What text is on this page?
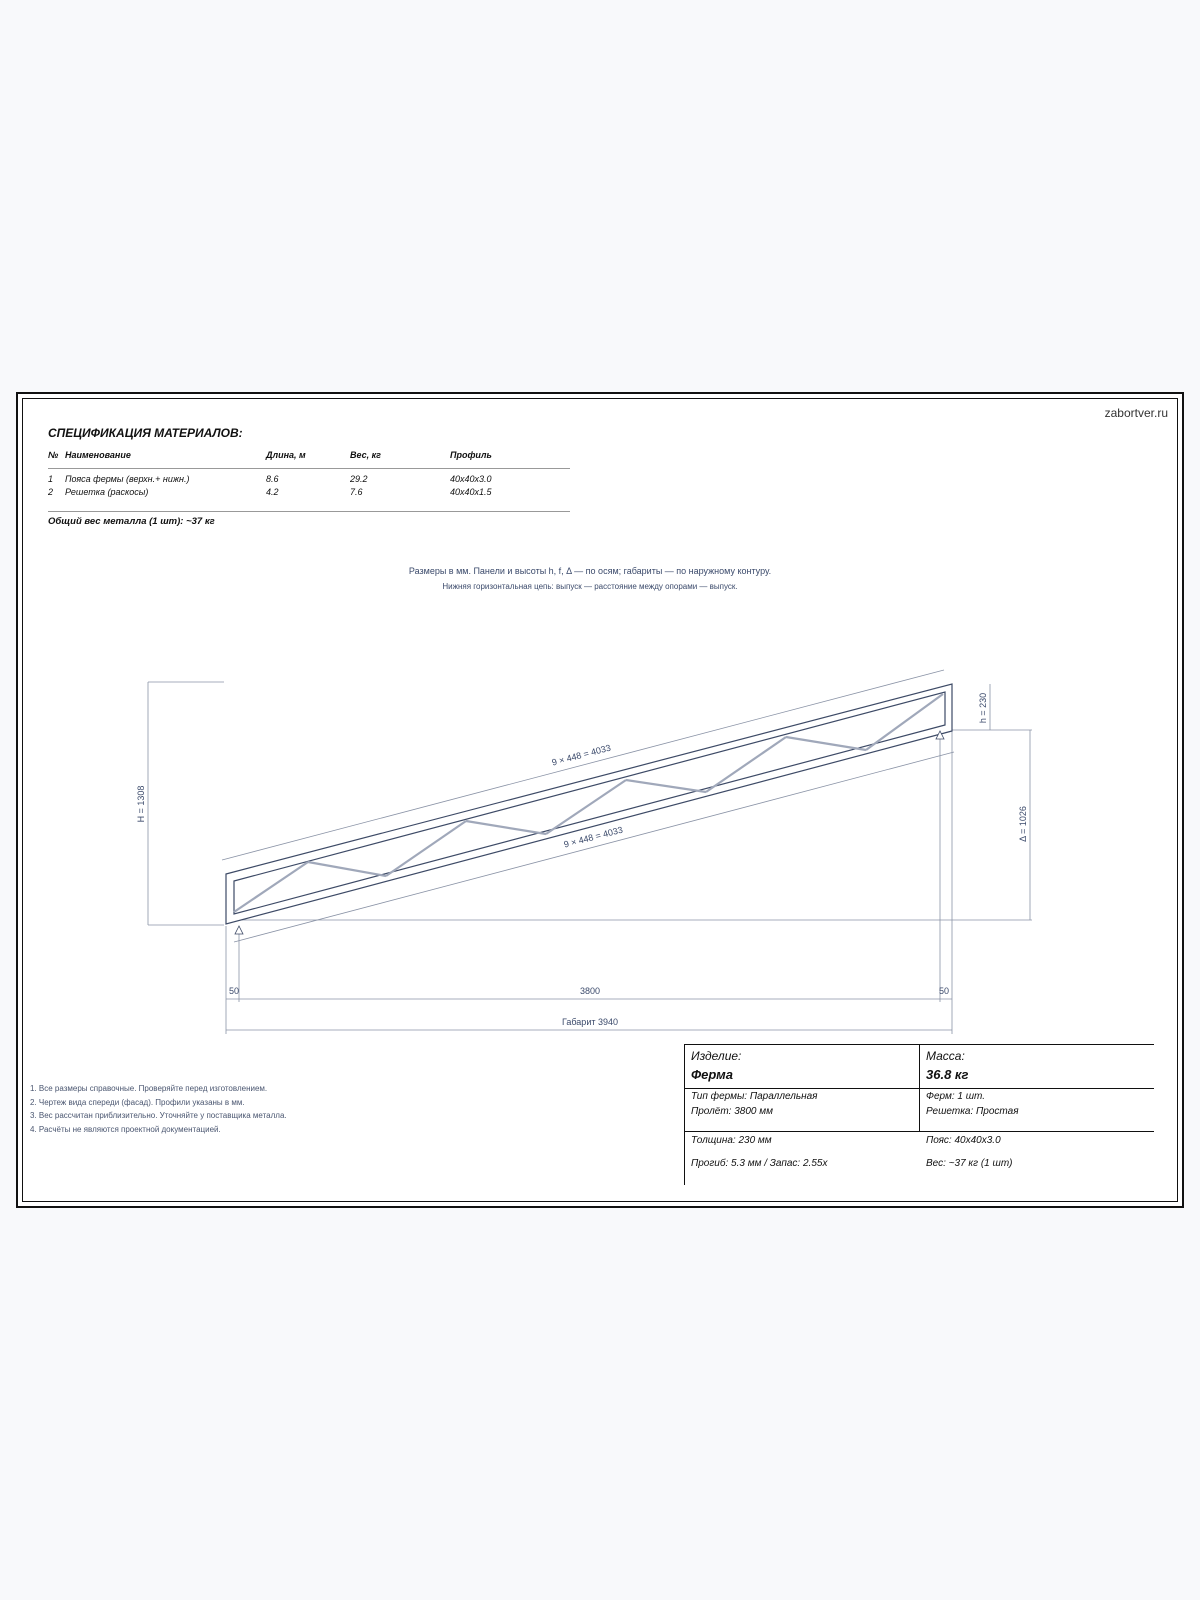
zabortver.ru
СПЕЦИФИКАЦИЯ МАТЕРИАЛОВ:
№ Наименование	Длина, м	Вес, кг	Профиль
1 Пояса фермы (верхн.+ нижн.)	8.6	29.2	40x40x3.0
2 Решетка (раскосы)	4.2	7.6	40x40x1.5
Общий вес металла (1 шт): ~37 кг
Размеры в мм. Панели и высоты h, f, Δ — по осям; габариты — по наружному контуру.
Нижняя горизонтальная цепь: выпуск — расстояние между опорами — выпуск.
9 × 448 = 4033
9 × 448 = 4033
H = 1308
h = 230
Δ = 1026
50	3800	50
Габарит 3940
1. Все размеры справочные. Проверяйте перед изготовлением.
2. Чертеж вида спереди (фасад). Профили указаны в мм.
3. Вес рассчитан приблизительно. Уточняйте у поставщика металла.
4. Расчёты не являются проектной документацией.
Изделие:
Ферма
Масса:
36.8 кг
Тип фермы: Параллельная
Пролёт: 3800 мм
Ферм: 1 шт.
Решетка: Простая
Толщина: 230 мм
Прогиб: 5.3 мм / Запас: 2.55x
Пояс: 40x40x3.0
Вес: ~37 кг (1 шт)
